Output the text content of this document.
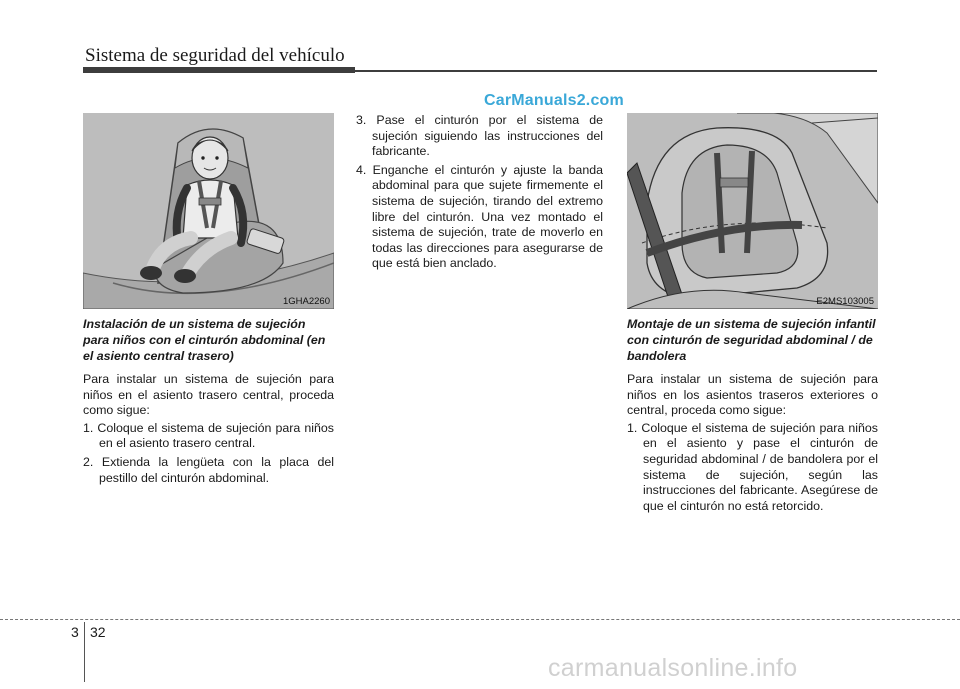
Sistema de seguridad del vehículo
CarManuals2.com
1GHA2260	E2MS103005

Instalación de un sistema de sujeción para niños con el cinturón abdominal (en el asiento central trasero)

Para instalar un sistema de sujeción para niños en el asiento trasero central, proceda como sigue:

1. Coloque el sistema de sujeción para niños en el asiento trasero central.

2. Extienda la lengüeta con la placa del pestillo del cinturón abdominal.

3. Pase el cinturón por el sistema de sujeción siguiendo las instrucciones del fabricante.

4. Enganche el cinturón y ajuste la banda abdominal para que sujete firmemente el sistema de sujeción, tirando del extremo libre del cinturón. Una vez montado el sistema de sujeción, trate de moverlo en todas las direcciones para asegurarse de que está bien anclado.

Montaje de un sistema de sujeción infantil con cinturón de seguridad abdominal / de bandolera

Para instalar un sistema de sujeción para niños en los asientos traseros exteriores o central, proceda como sigue:

1. Coloque el sistema de sujeción para niños en el asiento y pase el cinturón de seguridad abdominal / de bandolera por el sistema de sujeción, según las instrucciones del fabricante. Asegúrese de que el cinturón no está retorcido.

3 32
carmanualsonline.info
